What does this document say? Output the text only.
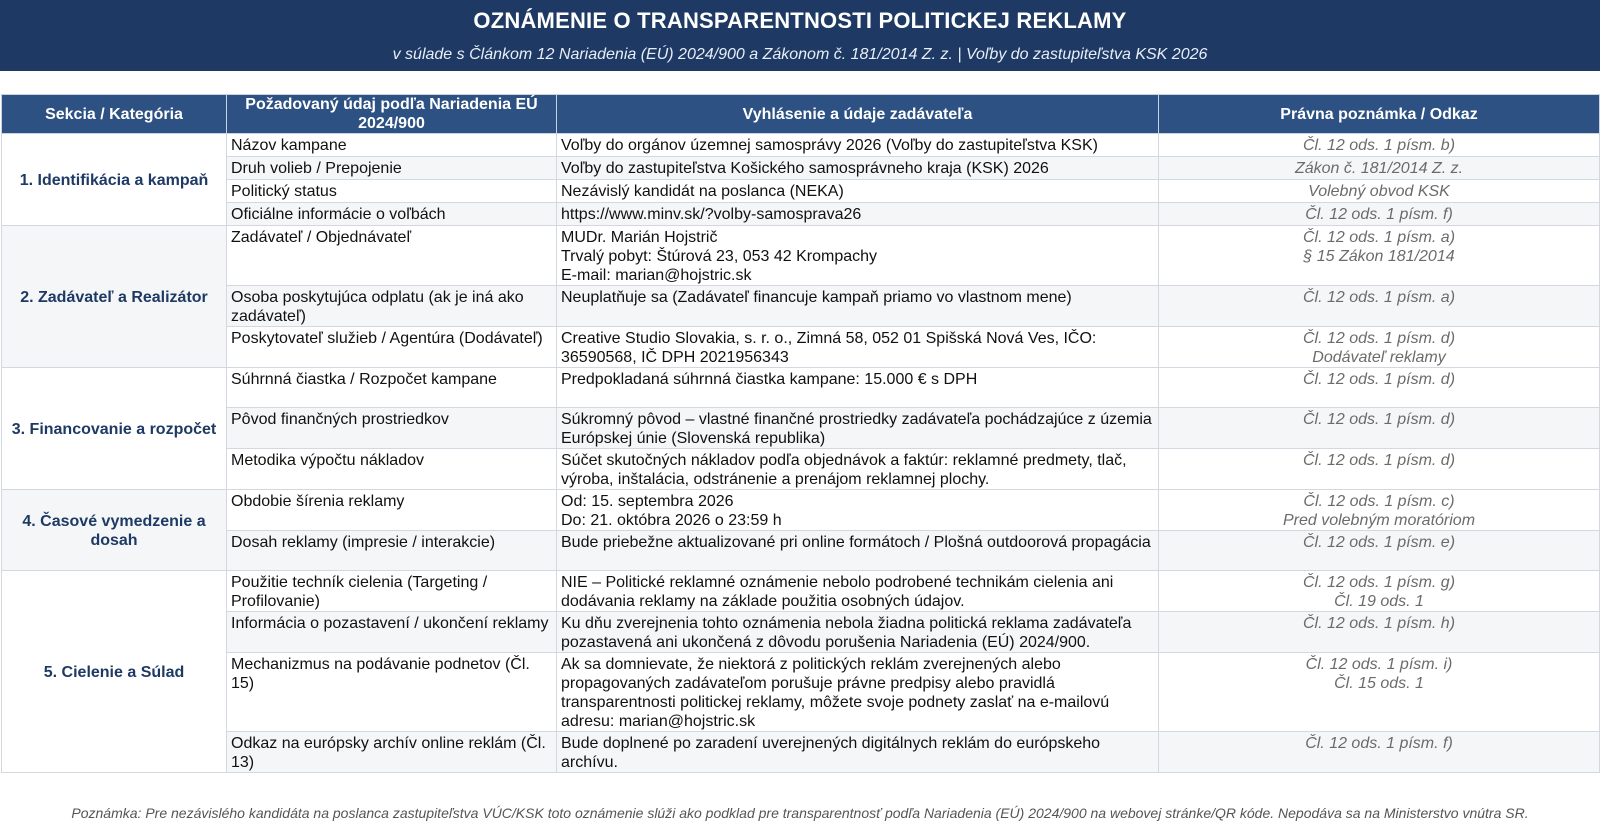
OZNÁMENIE O TRANSPARENTNOSTI POLITICKEJ REKLAMY
v súlade s Článkom 12 Nariadenia (EÚ) 2024/900 a Zákonom č. 181/2014 Z. z. | Voľby do zastupiteľstva KSK 2026
Sekcia / Kategória	Požadovaný údaj podľa Nariadenia EÚ 2024/900	Vyhlásenie a údaje zadávateľa	Právna poznámka / Odkaz
1. Identifikácia a kampaň	Názov kampane	Voľby do orgánov územnej samosprávy 2026 (Voľby do zastupiteľstva KSK)	Čl. 12 ods. 1 písm. b)

	Druh volieb / Prepojenie	Voľby do zastupiteľstva Košického samosprávneho kraja (KSK) 2026	Zákon č. 181/2014 Z. z.

	Politický status	Nezávislý kandidát na poslanca (NEKA)	Volebný obvod KSK

	Oficiálne informácie o voľbách	https://www.minv.sk/?volby-samosprava26	Čl. 12 ods. 1 písm. f)

2. Zadávateľ a Realizátor	Zadávateľ / Objednávateľ	MUDr. Marián Hojstrič
Trvalý pobyt: Štúrová 23, 053 42 Krompachy
E-mail: marian@hojstric.sk	Čl. 12 ods. 1 písm. a)
§ 15 Zákon 181/2014

	Osoba poskytujúca odplatu (ak je iná ako zadávateľ)	Neuplatňuje sa (Zadávateľ financuje kampaň priamo vo vlastnom mene)	Čl. 12 ods. 1 písm. a)

	Poskytovateľ služieb / Agentúra (Dodávateľ)	Creative Studio Slovakia, s. r. o., Zimná 58, 052 01 Spišská Nová Ves, IČO: 36590568, IČ DPH 2021956343	Čl. 12 ods. 1 písm. d)
Dodávateľ reklamy

3. Financovanie a rozpočet	Súhrnná čiastka / Rozpočet kampane	Predpokladaná súhrnná čiastka kampane: 15.000 € s DPH	Čl. 12 ods. 1 písm. d)

	Pôvod finančných prostriedkov	Súkromný pôvod – vlastné finančné prostriedky zadávateľa pochádzajúce z územia Európskej únie (Slovenská republika)	Čl. 12 ods. 1 písm. d)

	Metodika výpočtu nákladov	Súčet skutočných nákladov podľa objednávok a faktúr: reklamné predmety, tlač, výroba, inštalácia, odstránenie a prenájom reklamnej plochy.	Čl. 12 ods. 1 písm. d)

4. Časové vymedzenie a dosah	Obdobie šírenia reklamy	Od: 15. septembra 2026
Do: 21. októbra 2026 o 23:59 h	Čl. 12 ods. 1 písm. c)
Pred volebným moratóriom

	Dosah reklamy (impresie / interakcie)	Bude priebežne aktualizované pri online formátoch / Plošná outdoorová propagácia	Čl. 12 ods. 1 písm. e)

5. Cielenie a Súlad	Použitie techník cielenia (Targeting / Profilovanie)	NIE – Politické reklamné oznámenie nebolo podrobené technikám cielenia ani dodávania reklamy na základe použitia osobných údajov.	Čl. 12 ods. 1 písm. g)
Čl. 19 ods. 1

	Informácia o pozastavení / ukončení reklamy	Ku dňu zverejnenia tohto oznámenia nebola žiadna politická reklama zadávateľa pozastavená ani ukončená z dôvodu porušenia Nariadenia (EÚ) 2024/900.	Čl. 12 ods. 1 písm. h)

	Mechanizmus na podávanie podnetov (Čl. 15)	Ak sa domnievate, že niektorá z politických reklám zverejnených alebo propagovaných zadávateľom porušuje právne predpisy alebo pravidlá transparentnosti politickej reklamy, môžete svoje podnety zaslať na e-mailovú adresu: marian@hojstric.sk	Čl. 12 ods. 1 písm. i)
Čl. 15 ods. 1

	Odkaz na európsky archív online reklám (Čl. 13)	Bude doplnené po zaradení uverejnených digitálnych reklám do európskeho archívu.	Čl. 12 ods. 1 písm. f)
Poznámka: Pre nezávislého kandidáta na poslanca zastupiteľstva VÚC/KSK toto oznámenie slúži ako podklad pre transparentnosť podľa Nariadenia (EÚ) 2024/900 na webovej stránke/QR kóde. Nepodáva sa na Ministerstvo vnútra SR.
